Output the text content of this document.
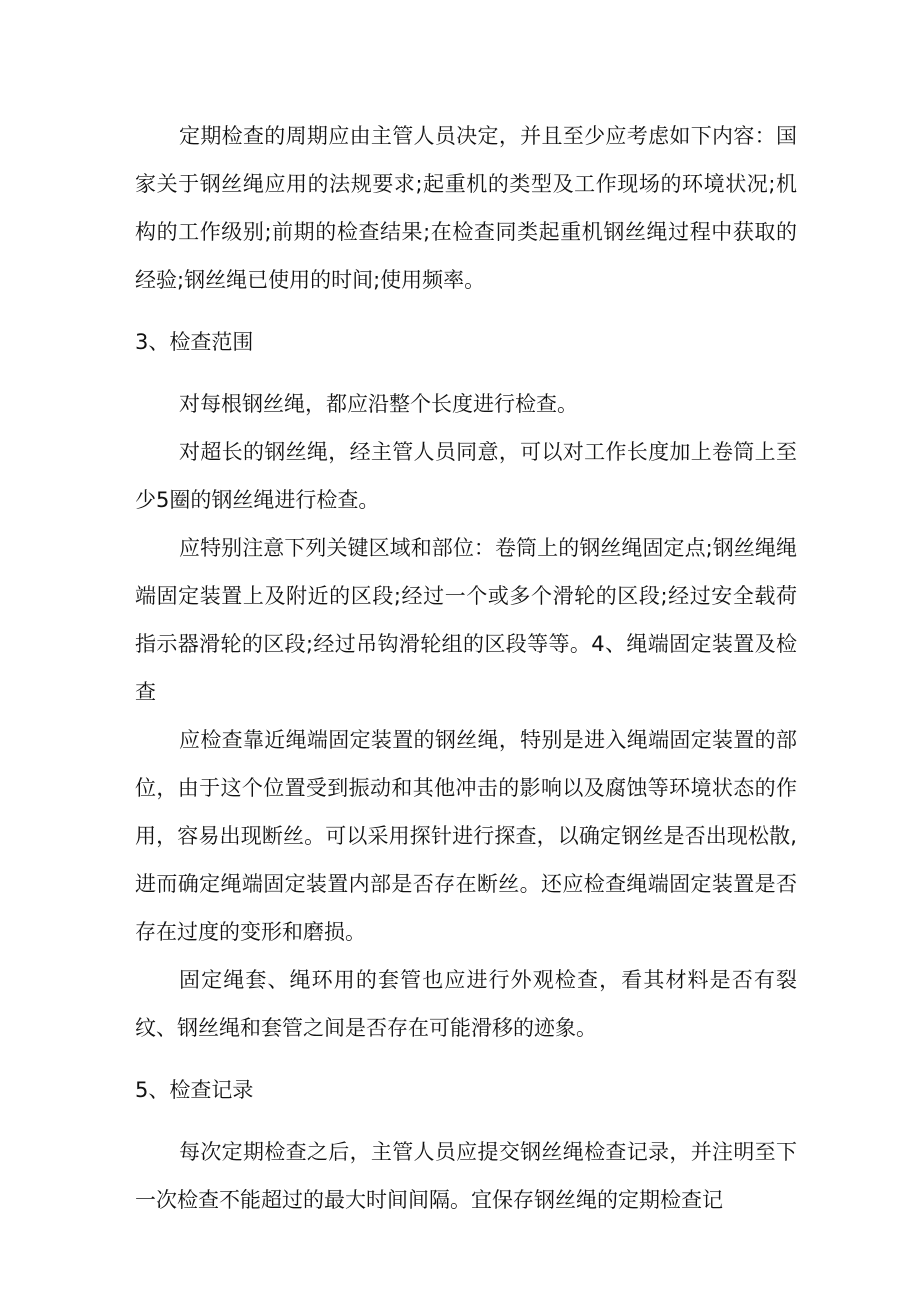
定期检查的周期应由主管人员决定，并且至少应考虑如下内容：国家关于钢丝绳应用的法规要求;起重机的类型及工作现场的环境状况;机构的工作级别;前期的检查结果;在检查同类起重机钢丝绳过程中获取的经验;钢丝绳已使用的时间;使用频率。

3、检查范围

对每根钢丝绳，都应沿整个长度进行检查。

对超长的钢丝绳，经主管人员同意，可以对工作长度加上卷筒上至少5圈的钢丝绳进行检查。

应特别注意下列关键区域和部位：卷筒上的钢丝绳固定点;钢丝绳绳端固定装置上及附近的区段;经过一个或多个滑轮的区段;经过安全载荷指示器滑轮的区段;经过吊钩滑轮组的区段等等。4、绳端固定装置及检查

应检查靠近绳端固定装置的钢丝绳，特别是进入绳端固定装置的部位，由于这个位置受到振动和其他冲击的影响以及腐蚀等环境状态的作用，容易出现断丝。可以采用探针进行探查，以确定钢丝是否出现松散,进而确定绳端固定装置内部是否存在断丝。还应检查绳端固定装置是否存在过度的变形和磨损。

固定绳套、绳环用的套管也应进行外观检查，看其材料是否有裂纹、钢丝绳和套管之间是否存在可能滑移的迹象。

5、检查记录

每次定期检查之后，主管人员应提交钢丝绳检查记录，并注明至下一次检查不能超过的最大时间间隔。宜保存钢丝绳的定期检查记
